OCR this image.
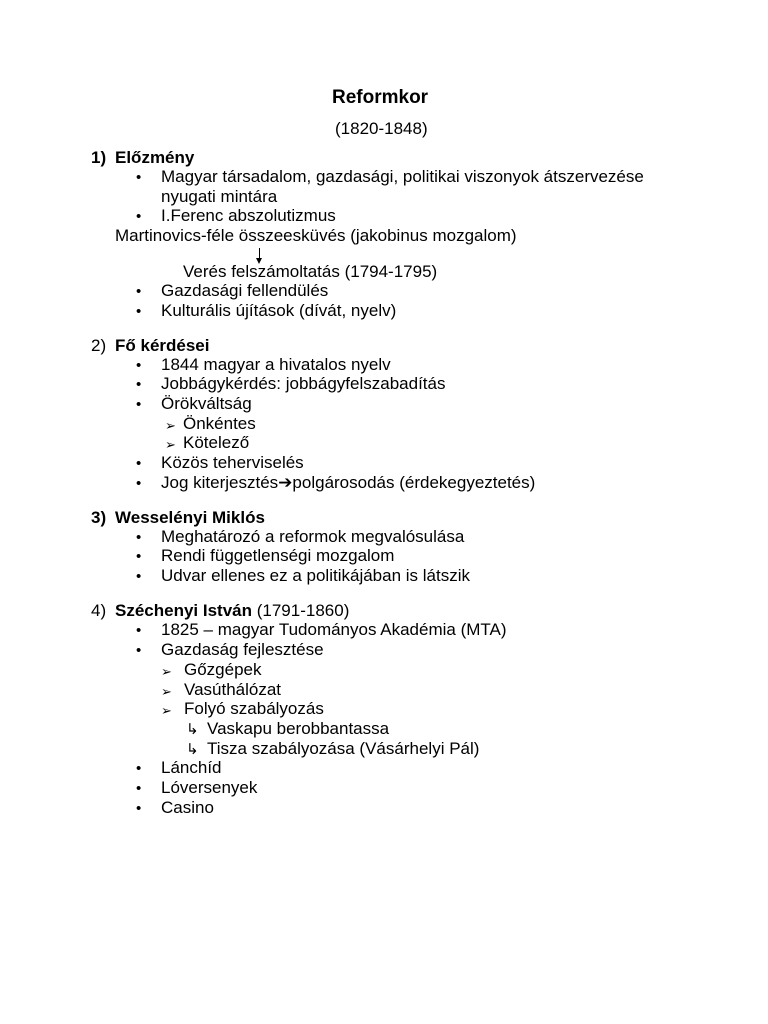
Reformkor
(1820-1848)
1) Előzmény
• Magyar társadalom, gazdasági, politikai viszonyok átszervezése
nyugati mintára
• I.Ferenc abszolutizmus
Martinovics-féle összeesküvés (jakobinus mozgalom)
Verés felszámoltatás (1794-1795)
• Gazdasági fellendülés
• Kulturális újítások (dívát, nyelv)
2) Fő kérdései
• 1844 magyar a hivatalos nyelv
• Jobbágykérdés: jobbágyfelszabadítás
• Örökváltság
➢ Önkéntes
➢ Kötelező
• Közös teherviselés
• Jog kiterjesztés➔polgárosodás (érdekegyeztetés)
3) Wesselényi Miklós
• Meghatározó a reformok megvalósulása
• Rendi függetlenségi mozgalom
• Udvar ellenes ez a politikájában is látszik
4) Széchenyi István (1791-1860)
• 1825 – magyar Tudományos Akadémia (MTA)
• Gazdaság fejlesztése
➢ Gőzgépek
➢ Vasúthálózat
➢ Folyó szabályozás
↳ Vaskapu berobbantassa
↳ Tisza szabályozása (Vásárhelyi Pál)
• Lánchíd
• Lóversenyek
• Casino
